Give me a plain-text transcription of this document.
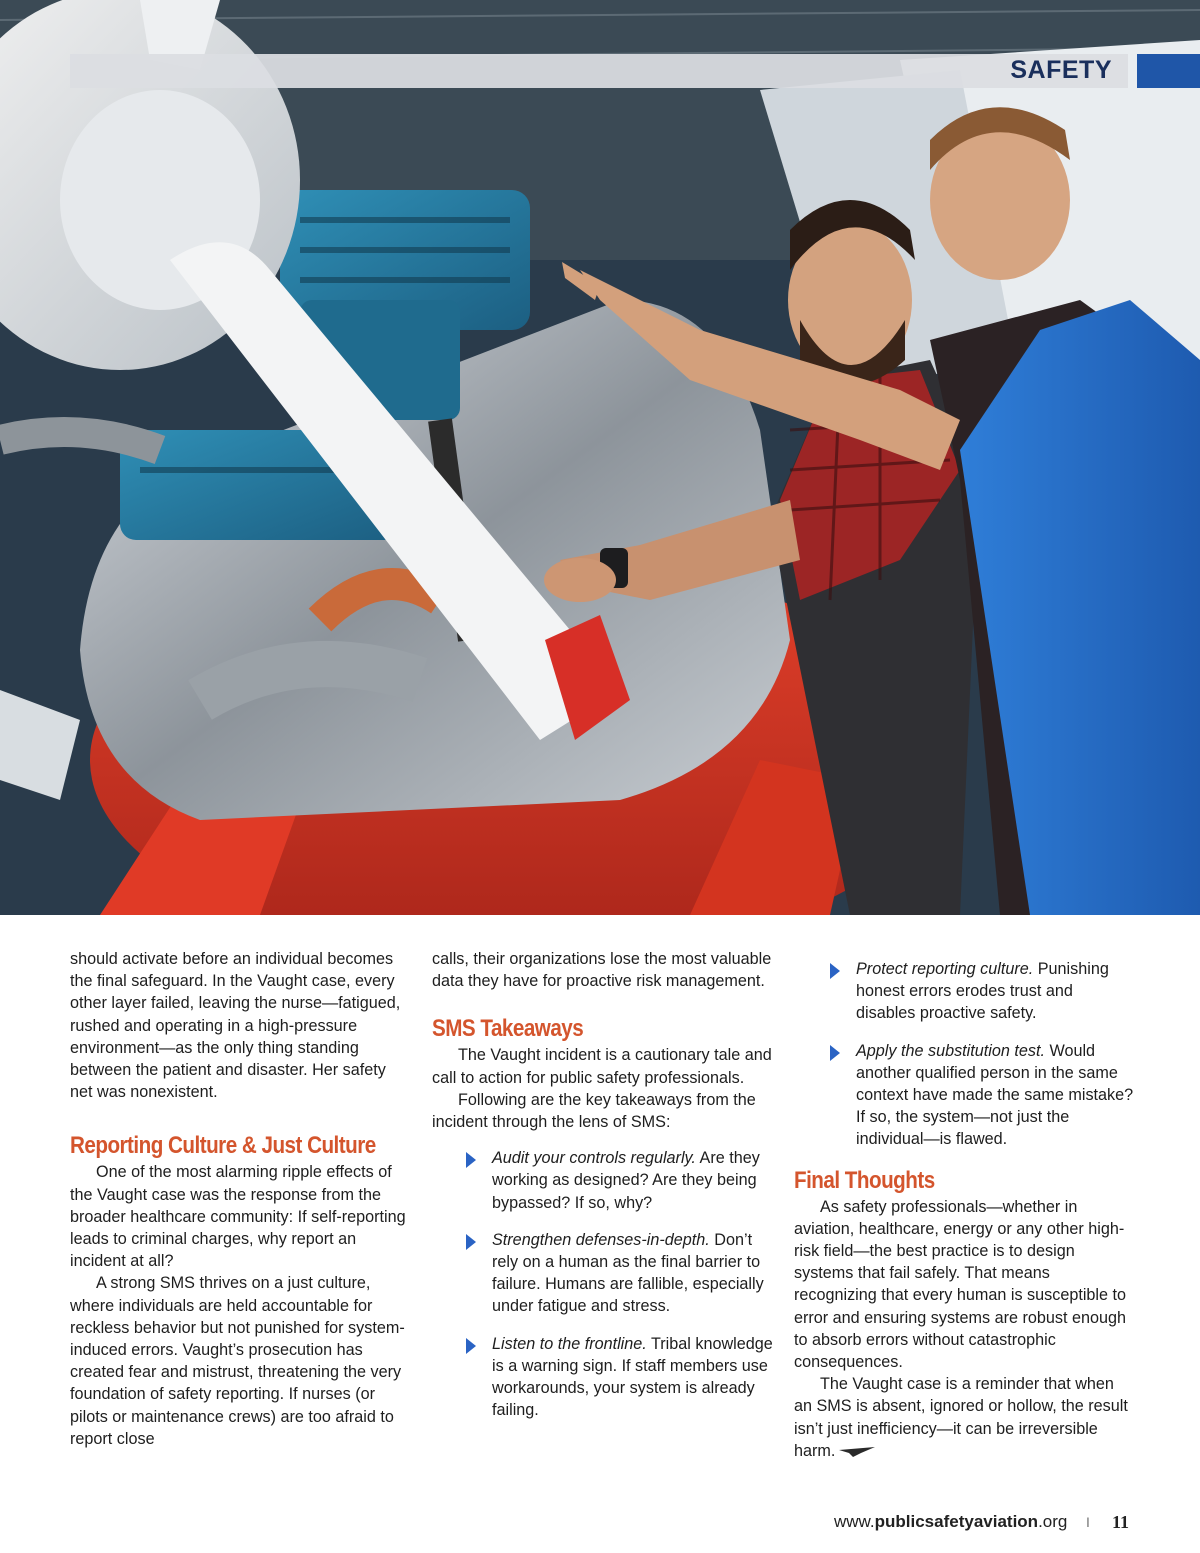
SAFETY

should activate before an individual becomes the final safeguard. In the Vaught case, every other layer failed, leaving the nurse—fatigued, rushed and operating in a high-pressure environment—as the only thing standing between the patient and disaster. Her safety net was nonexistent.

Reporting Culture & Just Culture

One of the most alarming ripple effects of the Vaught case was the response from the broader healthcare community: If self-reporting leads to criminal charges, why report an incident at all?

A strong SMS thrives on a just culture, where individuals are held accountable for reckless behavior but not punished for system-induced errors. Vaught’s prosecution has created fear and mistrust, threatening the very foundation of safety reporting. If nurses (or pilots or maintenance crews) are too afraid to report close

calls, their organizations lose the most valuable data they have for proactive risk management.

SMS Takeaways

The Vaught incident is a cautionary tale and call to action for public safety professionals.

Following are the key takeaways from the incident through the lens of SMS:

Audit your controls regularly. Are they working as designed? Are they being bypassed? If so, why?
Strengthen defenses-in-depth. Don’t rely on a human as the final barrier to failure. Humans are fallible, especially under fatigue and stress.
Listen to the frontline. Tribal knowledge is a warning sign. If staff members use workarounds, your system is already failing.
Protect reporting culture. Punishing honest errors erodes trust and disables proactive safety.
Apply the substitution test. Would another qualified person in the same context have made the same mistake? If so, the system—not just the individual—is flawed.
Final Thoughts

As safety professionals—whether in aviation, healthcare, energy or any other high-risk field—the best practice is to design systems that fail safely. That means recognizing that every human is susceptible to error and ensuring systems are robust enough to absorb errors without catastrophic consequences.

The Vaught case is a reminder that when an SMS is absent, ignored or hollow, the result isn’t just inefficiency—it can be irreversible harm.

www.publicsafetyaviation.org I 11
